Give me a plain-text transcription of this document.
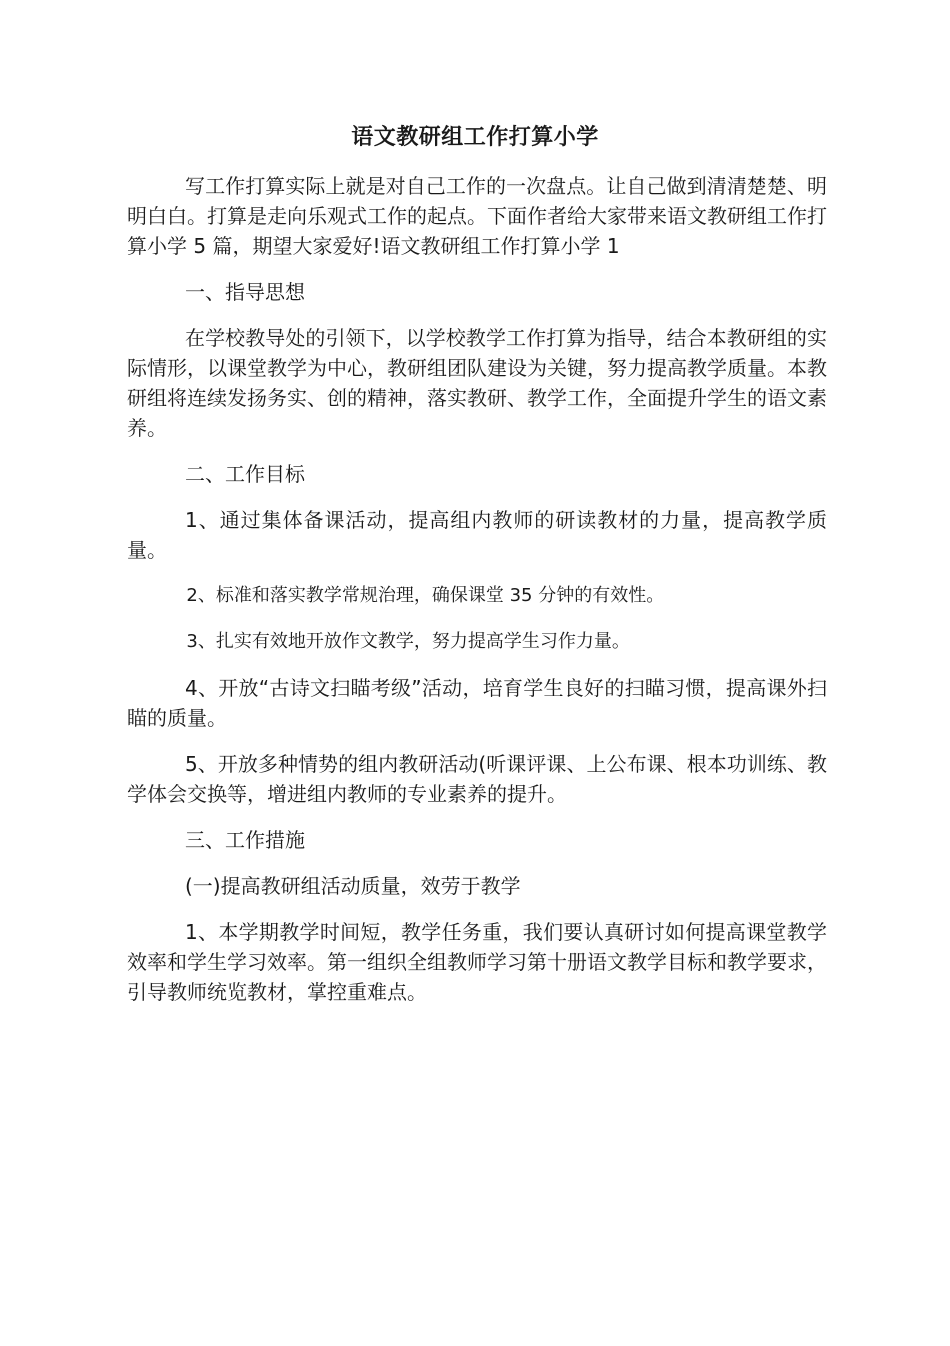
语文教研组工作打算小学

写工作打算实际上就是对自己工作的一次盘点。让自己做到清清楚楚、明明白白。打算是走向乐观式工作的起点。下面作者给大家带来语文教研组工作打算小学 5 篇，期望大家爱好!语文教研组工作打算小学 1

一、指导思想

在学校教导处的引领下，以学校教学工作打算为指导，结合本教研组的实际情形，以课堂教学为中心，教研组团队建设为关键，努力提高教学质量。本教研组将连续发扬务实、创的精神，落实教研、教学工作，全面提升学生的语文素养。

二、工作目标

1、通过集体备课活动，提高组内教师的研读教材的力量，提高教学质量。

2、标准和落实教学常规治理，确保课堂 35 分钟的有效性。

3、扎实有效地开放作文教学，努力提高学生习作力量。

4、开放“古诗文扫瞄考级”活动，培育学生良好的扫瞄习惯，提高课外扫瞄的质量。

5、开放多种情势的组内教研活动(听课评课、上公布课、根本功训练、教学体会交换等，增进组内教师的专业素养的提升。

三、工作措施

(一)提高教研组活动质量，效劳于教学

1、本学期教学时间短，教学任务重，我们要认真研讨如何提高课堂教学效率和学生学习效率。第一组织全组教师学习第十册语文教学目标和教学要求，引导教师统览教材，掌控重难点。
